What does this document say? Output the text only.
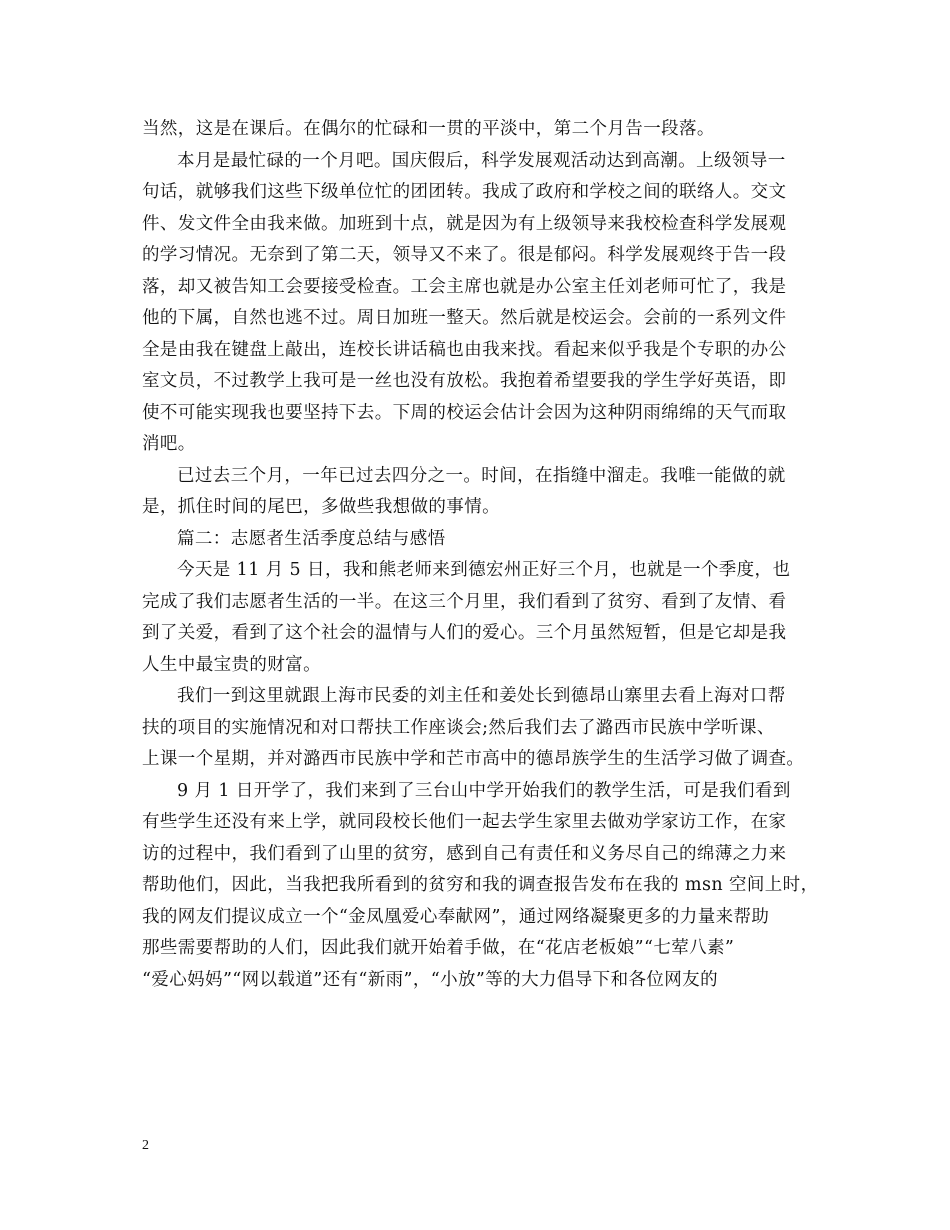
当然，这是在课后。在偶尔的忙碌和一贯的平淡中，第二个月告一段落。
本月是最忙碌的一个月吧。国庆假后，科学发展观活动达到高潮。上级领导一
句话，就够我们这些下级单位忙的团团转。我成了政府和学校之间的联络人。交文
件、发文件全由我来做。加班到十点，就是因为有上级领导来我校检查科学发展观
的学习情况。无奈到了第二天，领导又不来了。很是郁闷。科学发展观终于告一段
落，却又被告知工会要接受检查。工会主席也就是办公室主任刘老师可忙了，我是
他的下属，自然也逃不过。周日加班一整天。然后就是校运会。会前的一系列文件
全是由我在键盘上敲出，连校长讲话稿也由我来找。看起来似乎我是个专职的办公
室文员，不过教学上我可是一丝也没有放松。我抱着希望要我的学生学好英语，即
使不可能实现我也要坚持下去。下周的校运会估计会因为这种阴雨绵绵的天气而取
消吧。
已过去三个月，一年已过去四分之一。时间，在指缝中溜走。我唯一能做的就
是，抓住时间的尾巴，多做些我想做的事情。
篇二：志愿者生活季度总结与感悟
今天是 11 月 5 日，我和熊老师来到德宏州正好三个月，也就是一个季度，也
完成了我们志愿者生活的一半。在这三个月里，我们看到了贫穷、看到了友情、看
到了关爱，看到了这个社会的温情与人们的爱心。三个月虽然短暂，但是它却是我
人生中最宝贵的财富。
我们一到这里就跟上海市民委的刘主任和姜处长到德昂山寨里去看上海对口帮
扶的项目的实施情况和对口帮扶工作座谈会;然后我们去了潞西市民族中学听课、
上课一个星期，并对潞西市民族中学和芒市高中的德昂族学生的生活学习做了调查。
9 月 1 日开学了，我们来到了三台山中学开始我们的教学生活，可是我们看到
有些学生还没有来上学，就同段校长他们一起去学生家里去做劝学家访工作，在家
访的过程中，我们看到了山里的贫穷，感到自己有责任和义务尽自己的绵薄之力来
帮助他们，因此，当我把我所看到的贫穷和我的调查报告发布在我的 msn 空间上时，
我的网友们提议成立一个“金凤凰爱心奉献网”，通过网络凝聚更多的力量来帮助
那些需要帮助的人们，因此我们就开始着手做，在“花店老板娘”“七荤八素”
“爱心妈妈”“网以载道”还有“新雨”，“小放”等的大力倡导下和各位网友的
2
